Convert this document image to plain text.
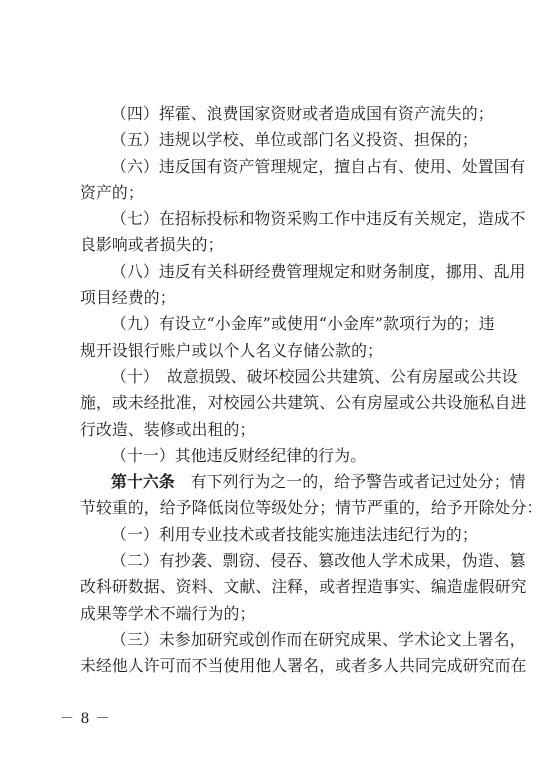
（四）挥霍、浪费国家资财或者造成国有资产流失的；
（五）违规以学校、单位或部门名义投资、担保的；
（六）违反国有资产管理规定，擅自占有、使用、处置国有
资产的；
（七）在招标投标和物资采购工作中违反有关规定，造成不
良影响或者损失的；
（八）违反有关科研经费管理规定和财务制度，挪用、乱用
项目经费的；
（九）有设立“小金库”或使用“小金库”款项行为的；违
规开设银行账户或以个人名义存储公款的；
（十）　故意损毁、破坏校园公共建筑、公有房屋或公共设
施，或未经批准，对校园公共建筑、公有房屋或公共设施私自进
行改造、装修或出租的；
（十一）其他违反财经纪律的行为。
第十六条　有下列行为之一的，给予警告或者记过处分；情
节较重的，给予降低岗位等级处分；情节严重的，给予开除处分：
（一）利用专业技术或者技能实施违法违纪行为的；
（二）有抄袭、剽窃、侵吞、篡改他人学术成果，伪造、篡
改科研数据、资料、文献、注释，或者捏造事实、编造虚假研究
成果等学术不端行为的；
（三）未参加研究或创作而在研究成果、学术论文上署名，
未经他人许可而不当使用他人署名，或者多人共同完成研究而在
－ 8 －
